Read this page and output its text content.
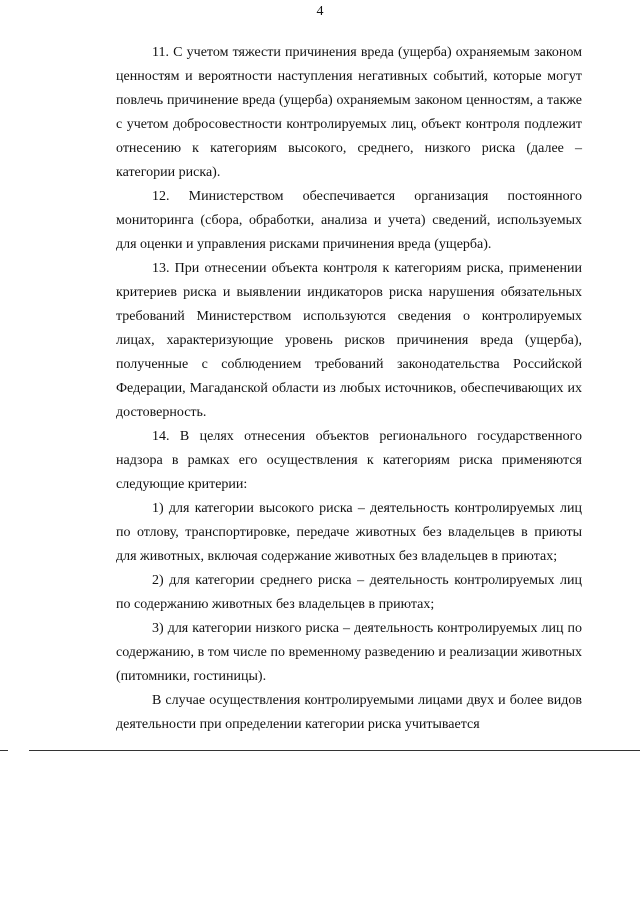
4

11. С учетом тяжести причинения вреда (ущерба) охраняемым законом ценностям и вероятности наступления негативных событий, которые могут повлечь причинение вреда (ущерба) охраняемым законом ценностям, а также с учетом добросовестности контролируемых лиц, объект контроля подлежит отнесению к категориям высокого, среднего, низкого риска (далее – категории риска).

12. Министерством обеспечивается организация постоянного мониторинга (сбора, обработки, анализа и учета) сведений, используемых для оценки и управления рисками причинения вреда (ущерба).

13. При отнесении объекта контроля к категориям риска, применении критериев риска и выявлении индикаторов риска нарушения обязательных требований Министерством используются сведения о контролируемых лицах, характеризующие уровень рисков причинения вреда (ущерба), полученные с соблюдением требований законодательства Российской Федерации, Магаданской области из любых источников, обеспечивающих их достоверность.

14. В целях отнесения объектов регионального государственного надзора в рамках его осуществления к категориям риска применяются следующие критерии:

1) для категории высокого риска – деятельность контролируемых лиц по отлову, транспортировке, передаче животных без владельцев в приюты для животных, включая содержание животных без владельцев в приютах;

2) для категории среднего риска – деятельность контролируемых лиц по содержанию животных без владельцев в приютах;

3) для категории низкого риска – деятельность контролируемых лиц по содержанию, в том числе по временному разведению и реализации животных (питомники, гостиницы).

В случае осуществления контролируемыми лицами двух и более видов деятельности при определении категории риска учитывается
